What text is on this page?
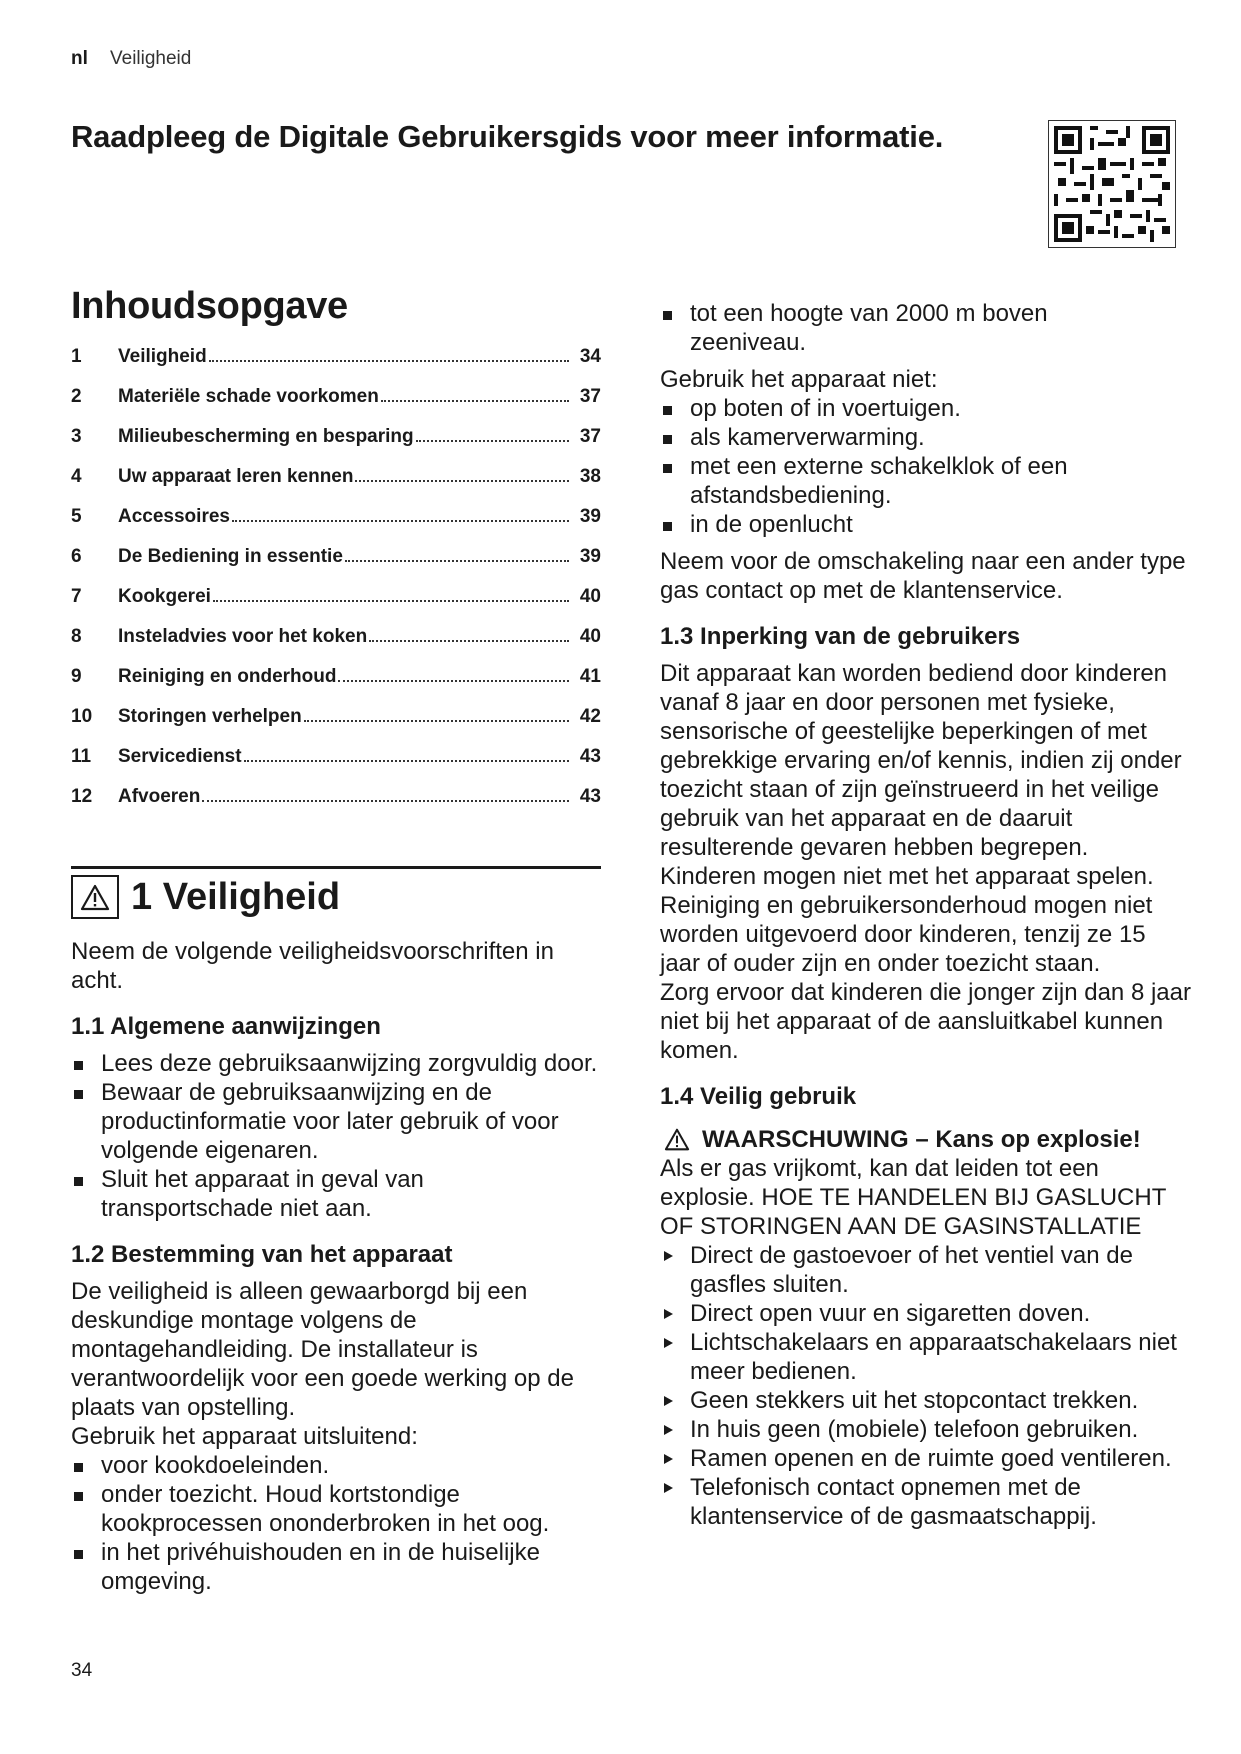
nl Veiligheid
Raadpleeg de Digitale Gebruikersgids voor meer informatie.
Inhoudsopgave
1	Veiligheid	34
2	Materiële schade voorkomen	37
3	Milieubescherming en besparing	37
4	Uw apparaat leren kennen	38
5	Accessoires	39
6	De Bediening in essentie	39
7	Kookgerei	40
8	Insteladvies voor het koken	40
9	Reiniging en onderhoud	41
10	Storingen verhelpen	42
11	Servicedienst	43
12	Afvoeren	43
1 Veiligheid

Neem de volgende veiligheidsvoorschriften in acht.

1.1 Algemene aanwijzingen
Lees deze gebruiksaanwijzing zorgvuldig door.
Bewaar de gebruiksaanwijzing en de productinformatie voor later gebruik of voor volgende eigenaren.
Sluit het apparaat in geval van transportschade niet aan.
1.2 Bestemming van het apparaat

De veiligheid is alleen gewaarborgd bij een deskundige montage volgens de montagehandleiding. De installateur is verantwoordelijk voor een goede werking op de plaats van opstelling.

Gebruik het apparaat uitsluitend:

voor kookdoeleinden.
onder toezicht. Houd kortstondige kookprocessen ononderbroken in het oog.
in het privéhuishouden en in de huiselijke omgeving.
tot een hoogte van 2000 m boven zeeniveau.

Gebruik het apparaat niet:

op boten of in voertuigen.
als kamerverwarming.
met een externe schakelklok of een afstandsbediening.
in de openlucht

Neem voor de omschakeling naar een ander type gas contact op met de klantenservice.

1.3 Inperking van de gebruikers

Dit apparaat kan worden bediend door kinderen vanaf 8 jaar en door personen met fysieke, sensorische of geestelijke beperkingen of met gebrekkige ervaring en/of kennis, indien zij onder toezicht staan of zijn geïnstrueerd in het veilige gebruik van het apparaat en de daaruit resulterende gevaren hebben begrepen.

Kinderen mogen niet met het apparaat spelen.

Reiniging en gebruikersonderhoud mogen niet worden uitgevoerd door kinderen, tenzij ze 15 jaar of ouder zijn en onder toezicht staan.

Zorg ervoor dat kinderen die jonger zijn dan 8 jaar niet bij het apparaat of de aansluitkabel kunnen komen.

1.4 Veilig gebruik
WAARSCHUWING – Kans op explosie!

Als er gas vrijkomt, kan dat leiden tot een explosie. HOE TE HANDELEN BIJ GASLUCHT OF STORINGEN AAN DE GASINSTALLATIE

Direct de gastoevoer of het ventiel van de gasfles sluiten.
Direct open vuur en sigaretten doven.
Lichtschakelaars en apparaatschakelaars niet meer bedienen.
Geen stekkers uit het stopcontact trekken.
In huis geen (mobiele) telefoon gebruiken.
Ramen openen en de ruimte goed ventileren.
Telefonisch contact opnemen met de klantenservice of de gasmaatschappij.
34
